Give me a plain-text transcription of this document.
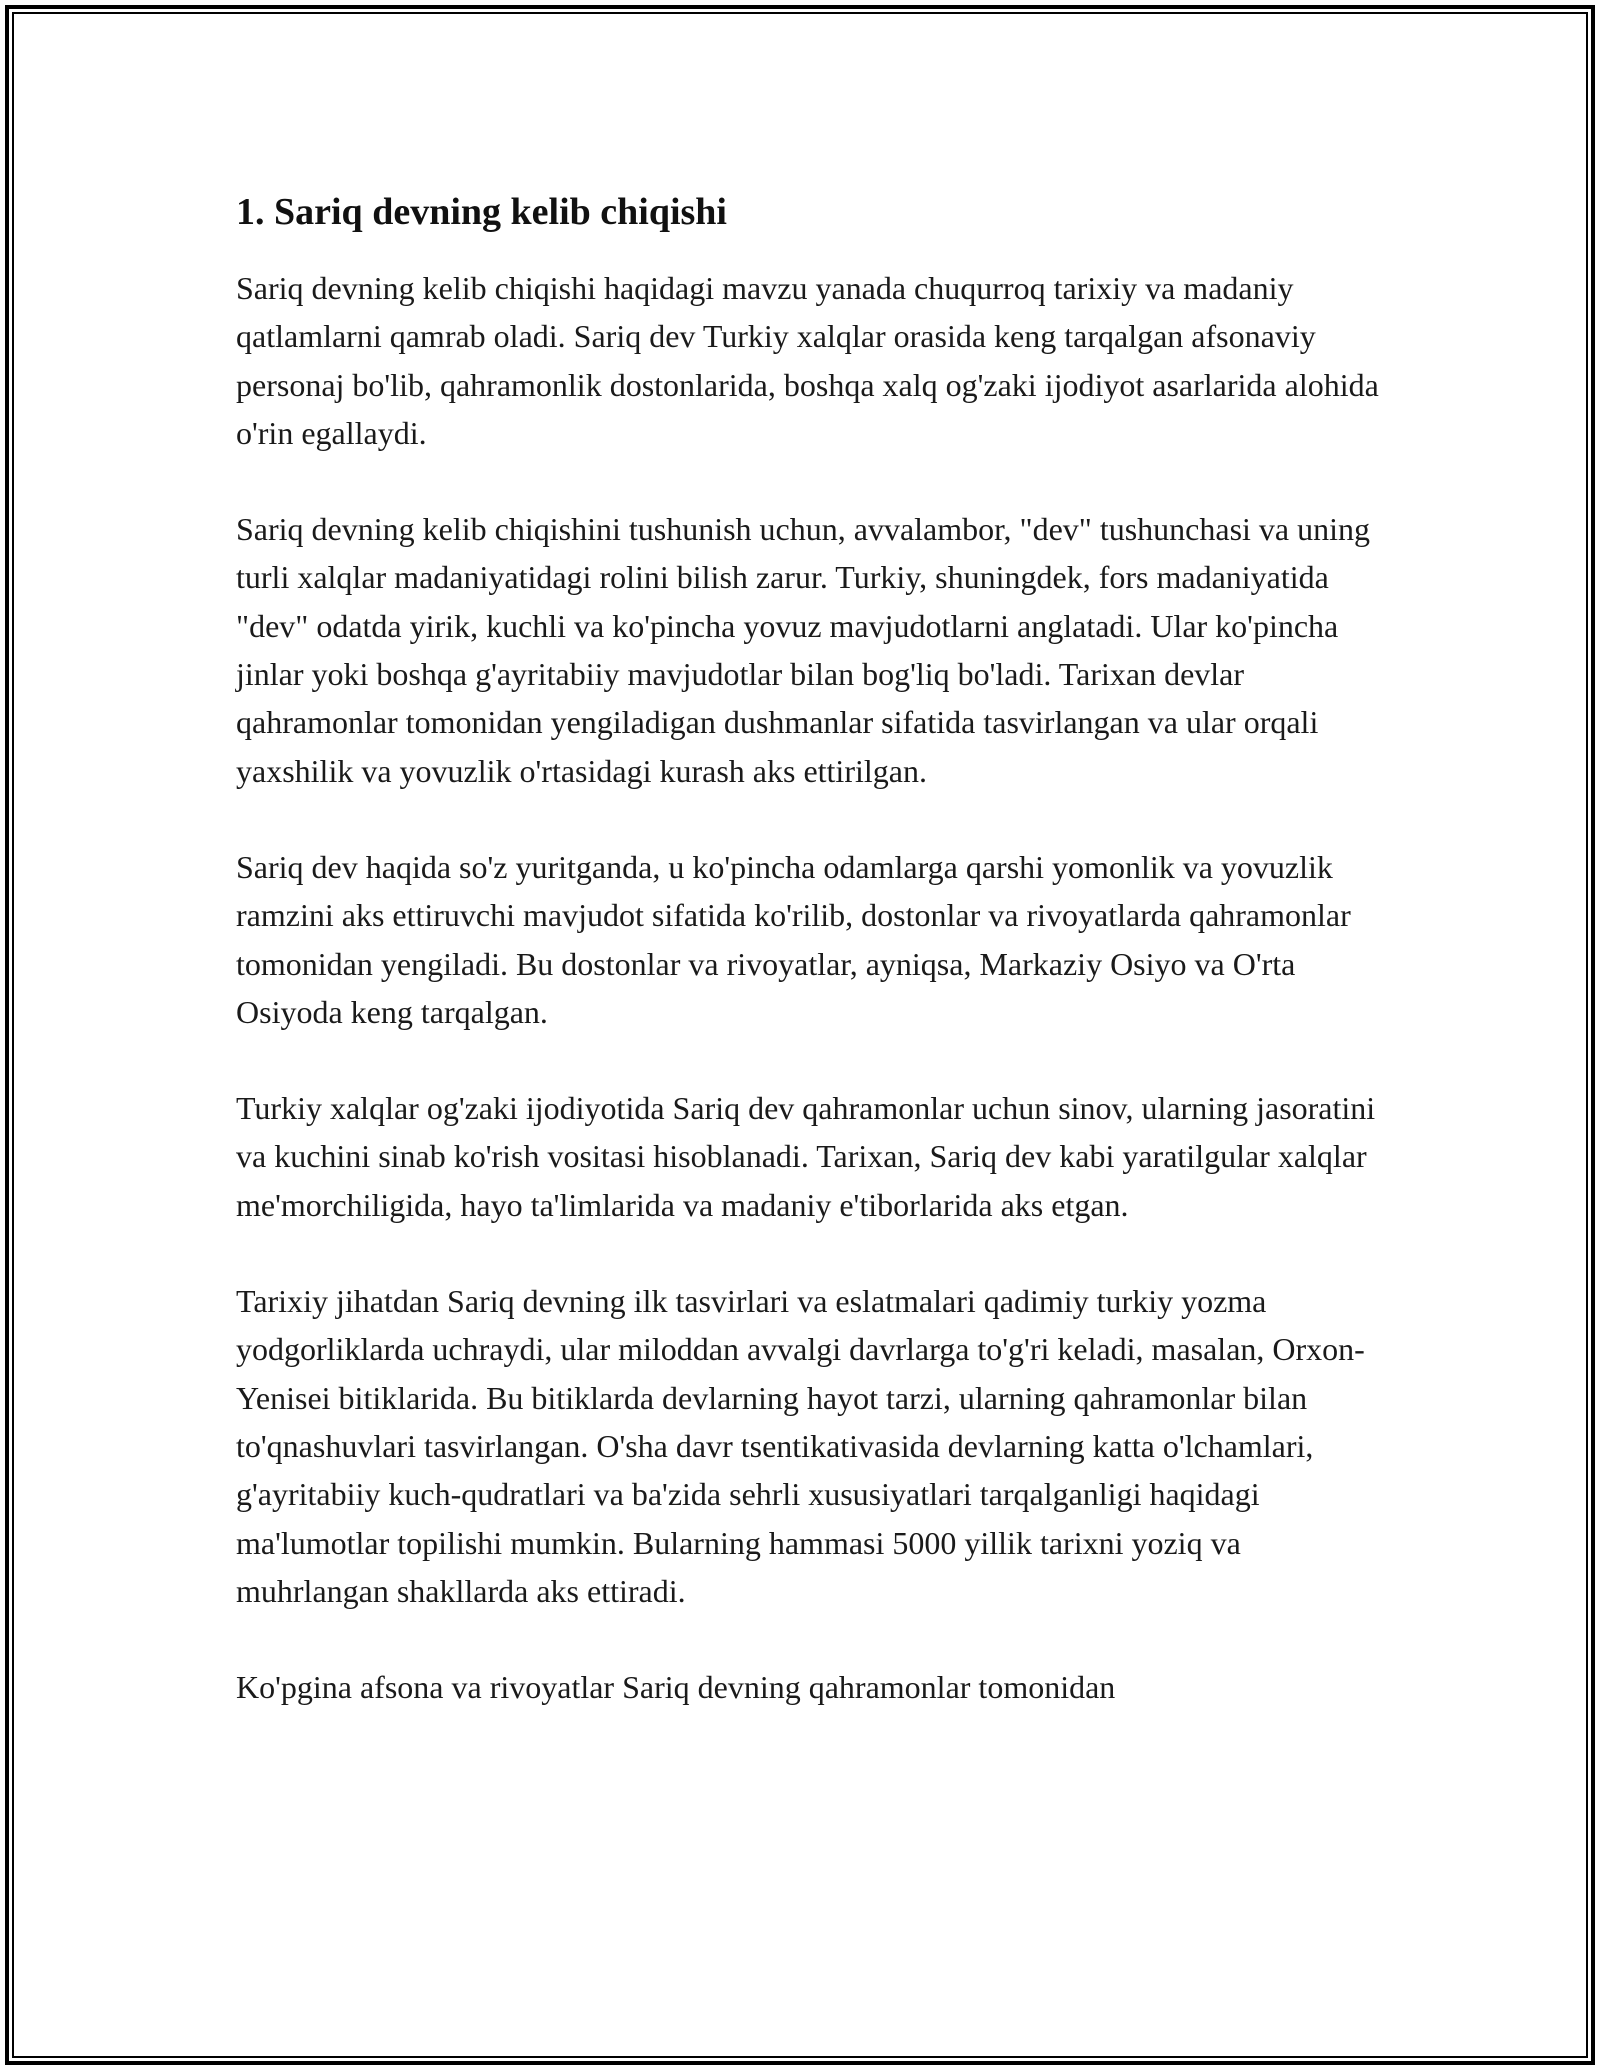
1. Sariq devning kelib chiqishi

Sariq devning kelib chiqishi haqidagi mavzu yanada chuqurroq tarixiy va madaniy qatlamlarni qamrab oladi. Sariq dev Turkiy xalqlar orasida keng tarqalgan afsonaviy personaj bo'lib, qahramonlik dostonlarida, boshqa xalq og'zaki ijodiyot asarlarida alohida o'rin egallaydi.

Sariq devning kelib chiqishini tushunish uchun, avvalambor, "dev" tushunchasi va uning turli xalqlar madaniyatidagi rolini bilish zarur. Turkiy, shuningdek, fors madaniyatida "dev" odatda yirik, kuchli va ko'pincha yovuz mavjudotlarni anglatadi. Ular ko'pincha jinlar yoki boshqa g'ayritabiiy mavjudotlar bilan bog'liq bo'ladi. Tarixan devlar qahramonlar tomonidan yengiladigan dushmanlar sifatida tasvirlangan va ular orqali yaxshilik va yovuzlik o'rtasidagi kurash aks ettirilgan.

Sariq dev haqida so'z yuritganda, u ko'pincha odamlarga qarshi yomonlik va yovuzlik ramzini aks ettiruvchi mavjudot sifatida ko'rilib, dostonlar va rivoyatlarda qahramonlar tomonidan yengiladi. Bu dostonlar va rivoyatlar, ayniqsa, Markaziy Osiyo va O'rta Osiyoda keng tarqalgan.

Turkiy xalqlar og'zaki ijodiyotida Sariq dev qahramonlar uchun sinov, ularning jasoratini va kuchini sinab ko'rish vositasi hisoblanadi. Tarixan, Sariq dev kabi yaratilgular xalqlar me'morchiligida, hayo ta'limlarida va madaniy e'tiborlarida aks etgan.

Tarixiy jihatdan Sariq devning ilk tasvirlari va eslatmalari qadimiy turkiy yozma yodgorliklarda uchraydi, ular miloddan avvalgi davrlarga to'g'ri keladi, masalan, Orxon-Yenisei bitiklarida. Bu bitiklarda devlarning hayot tarzi, ularning qahramonlar bilan to'qnashuvlari tasvirlangan. O'sha davr tsentikativasida devlarning katta o'lchamlari, g'ayritabiiy kuch-qudratlari va ba'zida sehrli xususiyatlari tarqalganligi haqidagi ma'lumotlar topilishi mumkin. Bularning hammasi 5000 yillik tarixni yoziq va muhrlangan shakllarda aks ettiradi.

Ko'pgina afsona va rivoyatlar Sariq devning qahramonlar tomonidan
